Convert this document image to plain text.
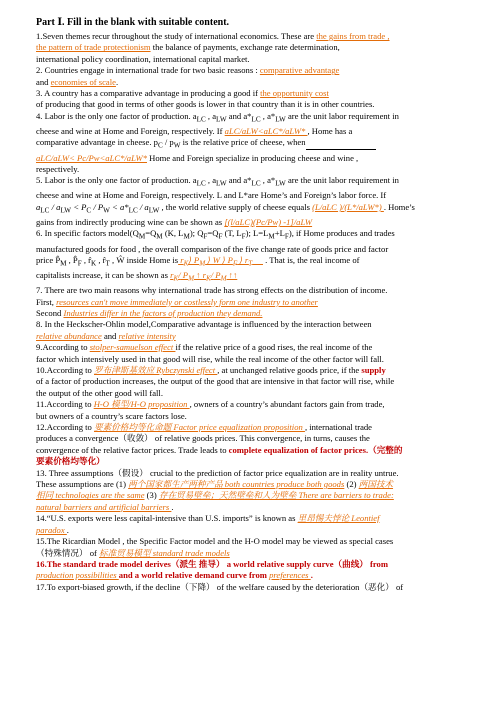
Part Ⅰ. Fill in the blank with suitable content.

1.Seven themes recur throughout the study of international economics. These are the gains from trade ,
the pattern of trade protectionism the balance of payments, exchange rate determination,
international policy coordination, international capital market.

2. Countries engage in international trade for two basic reasons : comparative advantage
and economies of scale.

3. A country has a comparative advantage in producing a good if the opportunity cost
of producing that good in terms of other goods is lower in that country than it is in other countries.

4. Labor is the only one factor of production. $a_{LC}$ , $a_{LW}$ and $a*_{LC}$ , $a*_{LW}$ are the unit labor requirement in
cheese and wine at Home and Foreign, respectively. If aLC/aLW<aLC*/aLW* , Home has a
comparative advantage in cheese. $p_C / p_W$ is the relative price of cheese, when
aLC/aLW< Pc/Pw<aLC*/aLW* Home and Foreign specialize in producing cheese and wine ,
respectively.

5. Labor is the only one factor of production. $a_{LC}$ , $a_{LW}$ and $a*_{LC}$ , $a*_{LW}$ are the unit labor requirement in
cheese and wine at Home and Foreign, respectively. L and L*are Home’s and Foreign’s labor force. If
$a_{LC} / a_{LW} < P_C / P_W < a*_{LC} / a_{LW}$ , the world relative supply of cheese equals (L/aLC )/(L*/aLW*) . Home’s
gains from indirectly producing wine can be shown as [(l/aLC)(Pc/Pw) -1]/aLW

6. In specific factors $model(Q_M=Q_M$ (K, $L_M$); $Q_F=Q_F$ (T, $L_F$); $L=L_M+L_F$), if Home produces and trades
manufactured goods for food , the overall comparison of the five change rate of goods price and factor
price $P̂_M$ , $P̂_F$ , $r̂_K$ , $r̂_T$ , Ŵ inside Home is $r_K⟩$ $P_M$ ⟩ W ⟩ $P_F$ ⟩ $r_T$      . That is, the real income of
capitalists increase, it can be shown as $r_K/$ $P_M$ ↑ $r_K/$ $P_M$ ↑↑

7. There are two main reasons why international trade has strong effects on the distribution of income.
First, resources can't move immediately or costlessly form one industry to another
Second Industries differ in the factors of production they demand.

8. In the Heckscher-Ohlin model,Comparative advantage is influenced by the interaction between
relative abundance and relative intensity

9.According to stolper-samuelson effect if the relative price of a good rises, the real income of the
factor which intensively used in that good will rise, while the real income of the other factor will fall.

10.According to 罗布津斯基效应 Rybczynski effect , at unchanged relative goods price, if the supply
of a factor of production increases, the output of the good that are intensive in that factor will rise, while
the output of the other good will fall.

11.According to H-O 模型/H-O proposition , owners of a country’s abundant factors gain from trade,
but owners of a country’s scare factors lose.

12.According to 要素价格均等化命题 Factor price equalization proposition , international trade
produces a convergence（收敛） of relative goods prices. This convergence, in turns, causes the
convergence of the relative factor prices. Trade leads to complete equalization of factor prices.（完整的
要素价格均等化）

13. Three assumptions（假设） crucial to the prediction of factor price equalization are in reality untrue.
These assumptions are (1) 两个国家都生产两种产品 both countries produce both goods (2) 两国技术
相同 technologies are the same (3) 存在贸易壁垒；天然壁垒和人为壁垒 There are barriers to trade:
natural barriers and artificial barriers .

14.“U.S. exports were less capital-intensive than U.S. imports” is known as 里昂惕夫悖论 Leontief
paradox .

15.The Ricardian Model , the Specific Factor model and the H-O model may be viewed as special cases
（特殊情况） of 标准贸易模型 standard trade models

16.The standard trade model derives（派生 推导） a world relative supply curve（曲线） from
production possibilities and a world relative demand curve from preferences .

17.To export-biased growth, if the decline（下降） of the welfare caused by the deterioration（恶化） of
